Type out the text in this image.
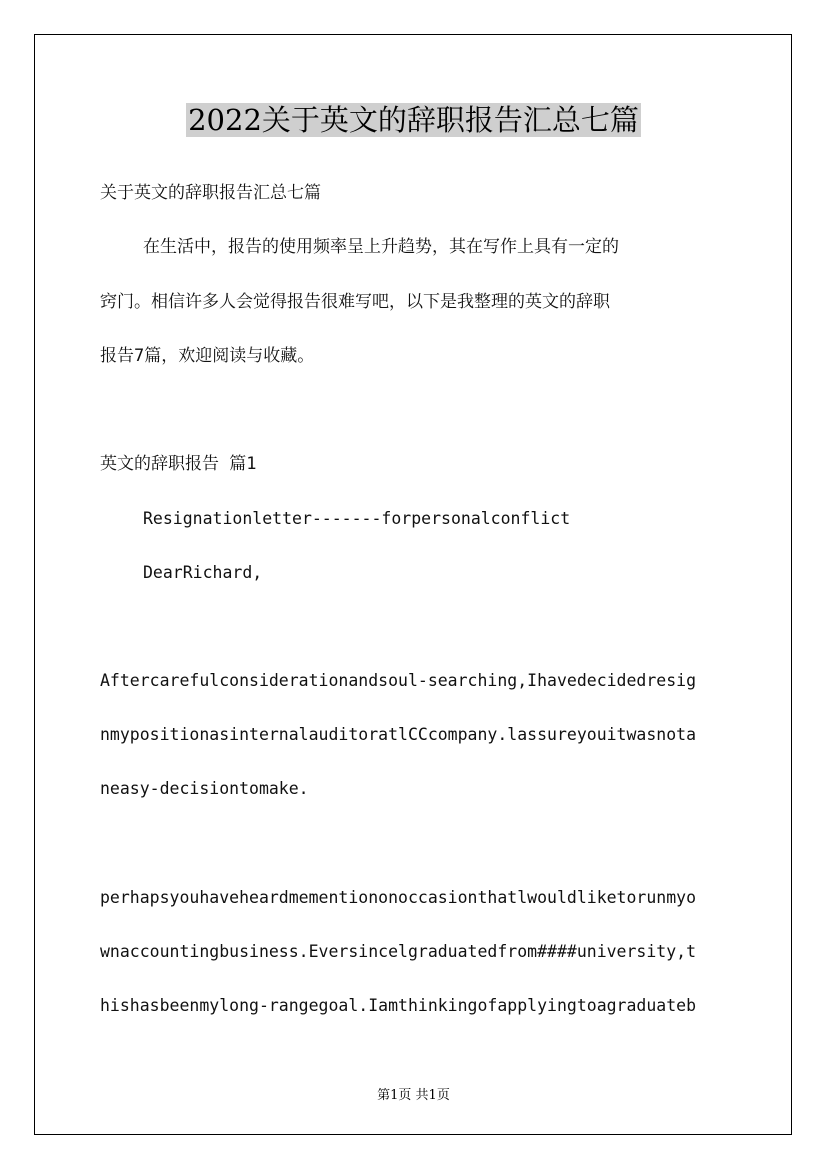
2022关于英文的辞职报告汇总七篇
关于英文的辞职报告汇总七篇
在生活中，报告的使用频率呈上升趋势，其在写作上具有一定的
窍门。相信许多人会觉得报告很难写吧，以下是我整理的英文的辞职
报告7篇，欢迎阅读与收藏。
英文的辞职报告 篇1
Resignationletter-------forpersonalconflict
DearRichard,
Aftercarefulconsiderationandsoul-searching,Ihavedecidedresig
nmypositionasinternalauditoratlCCcompany.lassureyouitwasnota
neasy-decisiontomake.
perhapsyouhaveheardmementiononoccasionthatlwouldliketorunmyo
wnaccountingbusiness.Eversincelgraduatedfrom####university,t
hishasbeenmylong-rangegoal.Iamthinkingofapplyingtoagraduateb
第1页 共1页
